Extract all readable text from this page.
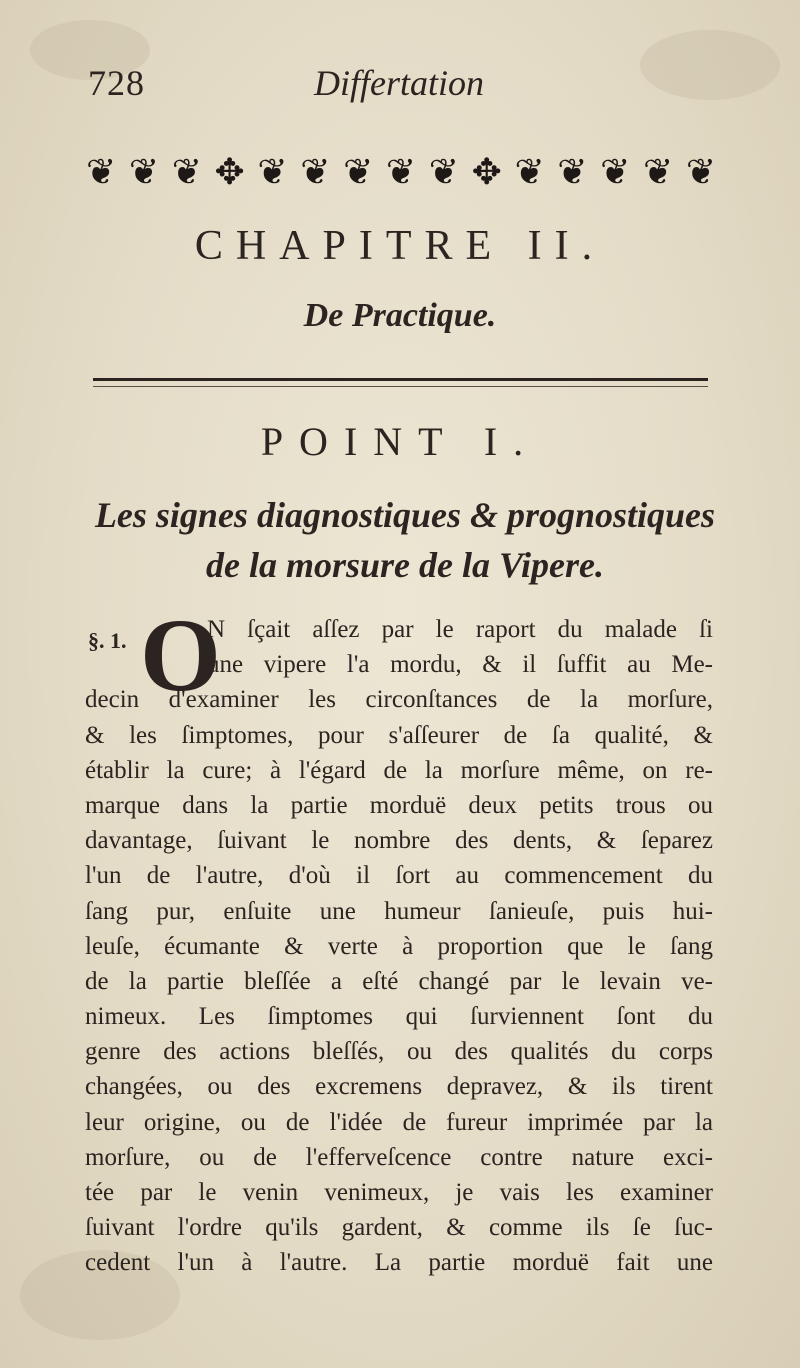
728	Differtation
❦ ❦ ❦ ✥ ❦ ❦ ❦ ❦ ❦ ✥ ❦ ❦ ❦ ❦ ❦
CHAPITRE II.
De Practique.
POINT I.
Les signes diagnostiques & prognostiques
de la morsure de la Vipere.
§. 1. O
N ſçait aſſez par le raport du malade ſi
une vipere l'a mordu, & il ſuffit au Me-
decin d'examiner les circonſtances de la morſure,
& les ſimptomes, pour s'aſſeurer de ſa qualité, &
établir la cure; à l'égard de la morſure même, on re-
marque dans la partie morduë deux petits trous ou
davantage, ſuivant le nombre des dents, & ſeparez
l'un de l'autre, d'où il ſort au commencement du
ſang pur, enſuite une humeur ſanieuſe, puis hui-
leuſe, écumante & verte à proportion que le ſang
de la partie bleſſée a eſté changé par le levain ve-
nimeux. Les ſimptomes qui ſurviennent ſont du
genre des actions bleſſés, ou des qualités du corps
changées, ou des excremens depravez, & ils tirent
leur origine, ou de l'idée de fureur imprimée par la
morſure, ou de l'efferveſcence contre nature exci-
tée par le venin venimeux, je vais les examiner
ſuivant l'ordre qu'ils gardent, & comme ils ſe ſuc-
cedent l'un à l'autre. La partie morduë fait une
